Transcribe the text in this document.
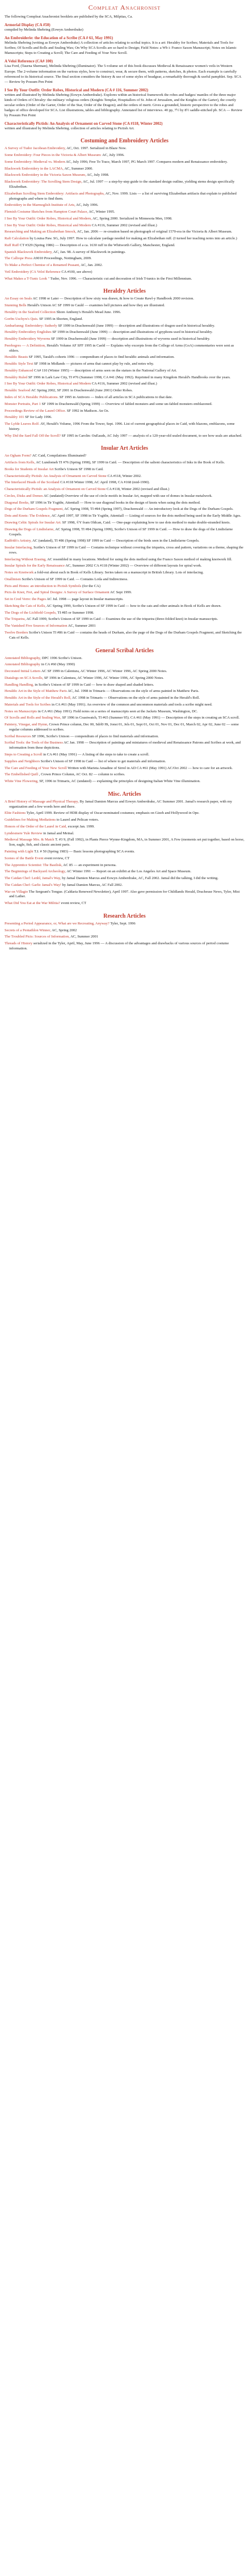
Compleat Anachronist

The following Compleat Anachronist booklets are published by the SCA, Milpitas, Ca.

Armorial Display (CA #50)
compiled by Melinda Shebring (Eowyn Amberdrake)
An Embroiderie: the Education of a Scribe (CA # 61, May 1991)
Melinda Shebring (writing as Eowyn Amberdrake) A collection of articles relating to scribal topics. It is a art: Heraldry for Scribes; Materials and Tools for Scribes; Of Scrolls and Rolls and Sealing Wax; On Why SCA Scrolls are so hard to Design; Field Notes: a Wb i: Franco Saxon Manuscript; Notes on Islamic Manuscripts; Steps to Creating a Scroll; The Care and Feeding of Your New Scroll.
A Veloï Reference (CA# 100)
Lisa Ford, (Taurna Sherman), Melinda Shebring (illuminator). The 5-volume set of this book discusses Medieval & Renaissance women's veils in Western Europe. The 2-volume information on the various styles, how to construct, wear, & secure them, with patterns, sketches, & photos. Each example is carefully referenced to its historical source. The final section considers the history & use of some styles of headgear, a remarkably thorough & useful pamphlet. Sep. SCA — Review by Possum Pen Point
I See By Your Outfit: Order Robes, Historical and Modern (CA # 116, Summer 2002)
written and illustrated by Melinda Shebring (Eowyn Amberdrake). Explores within an historical framework the robes and badges/ mantles of the three major kinds of Orders of Chivalry: the military/ religious orders (Knights Templar, Hospitallers of St. John of Jerusalem, and the Knights of the Garter), the courtly secular orders (Order of the Garter, Order of the Star, Order of the Dragon); and the orders of merit. Gives a grounded, historic perspective to the robes and badges of office developed for SCA. List illustrations, tables and bibliography. Annotated list of interviews. 40 pp, 7½ by 8½ saddle-stitched pb. SCA — Review by Possum Pen Point
Characteristically Pictish: An Analysis of Ornament on Carved Stone (CA #118, Winter 2002)
written and illustrated by Melinda Shebring. collection of articles relating to Pictish Art.
Costuming and Embroidery Articles
A Survey of Tudor Jacobean Embroidery, AC, Oct. 1997. Serialized in Blaze Now.
Some Embroidery: Four Pieces in the Victoria & Albert Museum: AC, July 1996.
Some Embroidery: Medieval vs. Modern AC, July 1996; Free To Trace, March 1997, PG March 1997. Compares modern and Renaissance embroidery.
Blackwork Embroidery in the LACMA, AC, Summer 2000.
Blackwork Embroidery in the Victoria Saxon Museum, AC, July 1998.
Blackwork Embroidery: The Scrolling Stem Design, AC, Jul. 1997 — a step-by-step guide to the standard design outline, yielding stems design specifically Elizabethan.
Elizabethan Scrolling Stem Embroidery: Artifacts and Photographs, AC, Nov. 1999. Lists — a list of surviving Elizabethan artifacts that explain to published photographs and where to find them.
Embroidery in the Marmoglish Institute of Arts, AC, July 1996.
Flemish Costume Sketches from Hampton Court Palace, AC, Winter 1995.
I See By Your Outfit: Order Robes, Historical and Modern, AC, Spring 2000. Serialized in Minnesota Men, 1998.
I See By Your Outfit: Order Robes, Historical and Modern CA #116, Summer 2002 (revised and illust.)
Researching and Making an Elizabethan Smock, AC, Jan. 2006 — re-creation based on photograph of original 1570-era in the Victoria & Albert Museum.
Raft Calculation by Louisa Paw. SG, July 1997. How to calculate yardage needed for making an Elizabethan ruff. (I turned her teaching notes into an article.)
Ruff Ruff CT #329 (Spring 1986) — Description of a ca. 1630 ruff in the Whitworth Gallery, Manchester, England.
Spanish Blackwork Embroidery, AC, Jan. 98. A survey of Blackwork in paintings.
The Calliope Press A9010 Proceedings, Nottingham, 2009.
To Make a Perfect Chemise of a Renamed Peasant, AC, Jan. 2002.
Veil Embroidery (CA Veloï Reference CA #100, see above)
What Makes a T-Tunic Look " Tudor, Nov. 1996. — Characteristic cut and decoration of Irish T-tunics in the First Millennium.
Heraldry Articles
An Essay on Seals AC 1998 or Later — Description of how sixty was drawn, & how to Create Rawl-y Handbook 2000 revision.
Stunning Bells Herald's Unison AC SF 1999 in Cauld — examines bell pictures and how they are illustrated.
Heraldry in the Seaford Collection Shore Anthony's Herald's Mead June. 1996.
Gorfm Uschyrs's Quis. SF 1995 in Shorten, England.
Ambarlunng: Embroidery: Sutherly SF 1999 in Drachenwald (June 1999) — description and illustrations of dragon used in historical heraldry.
Heraldry Embroidery Englishes SF 1999 in Drachenwald (June 1999) — description and illustrations of gryphons used in historical heraldry.
Heraldry Embroidery Wyverns SF 1999 in Drachenwald (June 1999) — description and illustrations of wyverns used in historical heraldry.
Peerhogres — A Definition, Herald's Volume AF SFF 1995 in Caeld — Explains why excerpts from the College of Arms (GoA) commentaries were sent as ohlers.
Heraldic Beasts SF 1995, Tarald's cohorts 1996 — compendium of places to find heraldic animals and information.
Heraldic Style Text SF 1998 in Midlands — pictures of arms that cannot play by rule, and notes why.
Heraldry Enhanced CA# 110 (Winter 1995) — description of arms seen on the statues in the National Gallery of Art.
Heraldry Ruled SF 1996 in Lark Law City, TI #76 (Summer 1998, CA #41 (May 1992). Reprinted in many Kingdom Herald's Handbooks over the years.
I See By Your Outfit: Order Robes, Historical and Modern CA #116, Summer 2002 (revised and illust.)
Heraldic Seafood AC Spring 2002, SF 2001 in Drachenwald (June 2001) Order Robes.
Index of SCA Heraldic Publications. SF 1995 in Antivoro — Index of all articles in SCA publications to that date.
Monster Portraits, Part 1 SF 1999 in Drachenwald (Spring 1999) — Overview of fabled monsters and some un-fabled monsters emblazoned.
Proceedings Review of the Laurel Office. SF 1992 in Madison. An Oz.
Heraldry 101 SF for Lady 1996.
The Lyfde Leaves Rolf. AV, Herald's Volume, 1996 From the Tower, Sept. 1996. List of current geographical places in Caid, with blazons, emblazons, some history.
Why Did the Sard Fall Off the Scroll? SF 1995 in Carolin: OuEauds, AC July 1997 — analysis of a 120-year-old sealed document, to see how seals are attached.
Insular Art Articles
An Ogham Form? AC Caid, Compilations Illuminated?
Artifacts from Kells, AC Lundomeh TI #76 (Spring 1998), SF 1999 in Caid. — Description of the salient characteristics of Inks in the Book of Kells.
Books for Students of Insular Art Scribe's Unison SF 1998 in Caid.
Characteristically Pictish: An Analysis of Ornament on Carved Stone CA #118, Winter 2002.
The Interlaced Heads of the Scotland CA #118 Winter 1998, AC April 1998, CA #168 (mid-1990).
Characteristically Pictish: an Analysis of Ornament on Carved Stone CA #118, Winter 2002 (revised and illust.)
Circles, Disks and Domes AC (undated) Overview of the use of circle motifs in Insular Art, mapped with use of domes in Insular metalwork.
Diagonal Books, SF 1996 in Tir Ysgithr, Attentiall — How to use diagonal books in the design of knots when using the dots method.
Dogs of the Durham Gospels Fragment, AC Spring 1998, TI #84 (Spring 1997), Drachenwald — An introductory look at the Dogs of the Durham Gospels.
Dots and Knots: The Evidence, AC April 1997, SF 1998 in Tir Ysgithr, Attentiall — Listing of sources for the dots method being used in the Early Middle Ages.
Drawing Celtic Spirals for Insular Art. SF 1998, ©Y fram Oldcan, Caid. — One-page explaining how to use dots method to make double-stranded knots.
Drawing the Dogs of Lindisfarne, AC Spring 1998, TI #84 (Spring 1999), Scribe's Unison of SF 1999 in Caid. — How to draw the dogs of the Lindisfarne Gospels.
Eadfrith's Artistry, AC (undated), TI #86 (Spring 1998) SF 1999 in Caid — Description of the birds seen in the Lindisfarne Gospels.
Insular Interlacing, Scribe's Unison of SF 1999 in Caid — Contains technique without covering the triquetra, cross and pattern, variations on a theme, shaping the rows.
Interlacing Without Erasing, AC resembled in many locations. Method for using the dots method using the Franco Saxon method of making knotwork fill.
Insular Spirals for the Early Renaissance AC, Summer 2002 CA #118 (Winter 2002) — Overview of different layouts for spiral work.
Notes on Knotwork a fold-out about each in Book of Kells Library. Series taken on a manuscript in British Library. Lots of interlacing.
Onallinism Scribe's Unison of SF 1999 in Caid. — Contains Lotla and Indirectness.
Picts and Hones: an introduction to Pictish Symbols (for the CA)
Picts de Knot, Fret, and Spiral Designs: A Survey of Surface Ornament AC Sept 1999.
Set in Cred Verre: the Pages AC Jul. 1998 — page layout in Insular manuscripts.
Sketching the Cats of Kells, AC Spring 1999, Scribe's Unison of SF 1999 in Caid — how to the cats and other animals in Book of Kells are drawn.
The Dogs of the Lichfield Gospels, TI #85 or Summer 1998.
The Triquetra, AC Fall 1999, Scribe's Unison of SF 1999 in Caid — Examines the use of the triquetra (three-folded knot) in Insular manuscripts.
The Vanished Five Sources of Information AC, Summer 2001
Twelve Borders Scribe's Unison TI #86 in Caid — contains the heads of Durham, also the page of the Dogs of the Durham Gospels Fragment, and Sketching the Cats of Kells.
General Scribal Articles
Annotated Bibliography, DPC 1996 Scribe's Unison.
Annotated Bibliography in CA #60 (May 1990)
Decorated Initial Letters AC SF 1999 in Calentura, AC Winter 1996, AC Winter 1996, AC Spring 2000 Notes.
Diatalogs on SCA Scrolls, SF 1996 in Calentura, AC Winter 1996, AC Winter 1996, AC Spring 2000 Notes.
Handling Handling, in Scribe's Unison of SF 1999 in Caid — how to draw shaped and shaded letters.
Heraldic Art in the Style of Matthew Paris AC, Jul. 1998 in Trimaris — Observations on the style of arms painted in Matthew Paris.
Heraldic Art in the Style of the Herald's Roll, AC 1998 in Trimaris — Observations on the style of arms painted in the Herald's Roll.
Materials and Tools for Scribes in CA #61 (May 1991). An overview of the common and uncommon materials and tools a scribe might need.
Notes on Manuscripts in CA #61 (May 1991). Field notes on a series of manuscripts seen at the Jackets Museum, Washington, DC.
Of Scrolls and Rolls and Sealing Wax, SF 1996 in Coastwatch, TI #65 (Summer 95). CA #61 (May 1991) — Description of the steps in creating an SCA scroll.
Paintery, Vinegar, and Hymn, Crown Prince column, Dec 00, Sdrl0 Ht, Jonst 01, Jels 01, Sept 01, Oct 01, Nov 01, Dec 01, March 02, Apr 02, June 02 — some regular columns addressed to scribes.
Scribal Resources SF 1996, Scribe's Unison — compendium of places to find materials and information.
Scribal Tools: the Tools of the Business AC Jan. 1998 — Description of paintings and miniatures of medieval and Renaissance Patrons and Scribes at work, and information from these depictions.
Steps to Creating a Scroll in CA #61 (May 1991) — A listing of the steps to take to create a scroll.
Supplies and Neighbors Scribe's Unison of SF 1998 in Caid — list of where to get materials and information.
The Care and Feeding of Your New Scroll Written with Marieta Amadine of Sirrel in AD CA #61 (May 1991) AC/Oct 2002 — how to care for an artwork.
The Embellished Quill , Crown Prince Column, AC Oct. 82 — column to scribes.
White Vine Flowering, SF, 1996 in Trimaris, AC (undated) — explaining the principles of designing Italian White Vine illumination.
Misc. Articles
A Brief History of Massage and Physical Therapy, By Jamal Damien Marcus and Eowyn Amberdrake, AC Summer 2001. Jamal's research paper, with my organization and a few words here and there.
Elite Fashions Tyler, April 1999. Review of HDR display of Oscar-nominated costumes; emphasis on Gizeh and Hollywood in Ope.
Guidelines for Making Mediations to Laurel and Pelican voters.
Honors of the Order of the Laurel in Caid, excerpt Jan. 1999.
Lyndesmere Yule Review in Jamal and Meinal.
Medieval Massage Mrs. & Match T. #3 9, (Fall 1992), in Plants Pierce Wynne-Kingdom, MA, in Summer 2001, A Few (moments set put together, based on horse, lion, eagle, fish, and classic ancient parts.
Painting with Light T.I. # 50 (Spring 1983) — Basic lessons photographing SCA events.
Scenes of the Battle Event event review, CT
The Apprentice Scientist: The Basilisk, AC 85 — an experiment in persona.
The Beginnings of Backyard Archeology, AC Winter 1991 — Report on an exhibit at the Los Angeles Art and Space Museum.
The Caidan Chef: Lenbl, Jamal's Way, by Jamal Damien Marcus and Eowyn Amberdrake, AC, Fall 2002. Jamal did the talking, I did the writing.
The Caidan Chef: Garlic Jamal's Way! by Jamal Damien Marcus, AC Fall 2002.
War on Villagio The Sergeant's Tongue. (Caldaria Renewed Newsletter), April 1997. Also gave permission for Childlands Herald, Dracheuse News, Tyler, Mist and Lather.
What Did You Eat at the War Militia? event review, CT
Research Articles
Presenting a Period Appearance, or, What are we Recreating, Anyway? Tyler, Sept. 1996
Secrets of a Pentathlon Winner, AC, Spring 2002
The Troubled Picts: Sources of Information, AC, Summer 2001
Threads of History serialized in the Tyler, April, May, June 1996 — A discussion of the advantages and drawbacks of various sources of period costume information.
